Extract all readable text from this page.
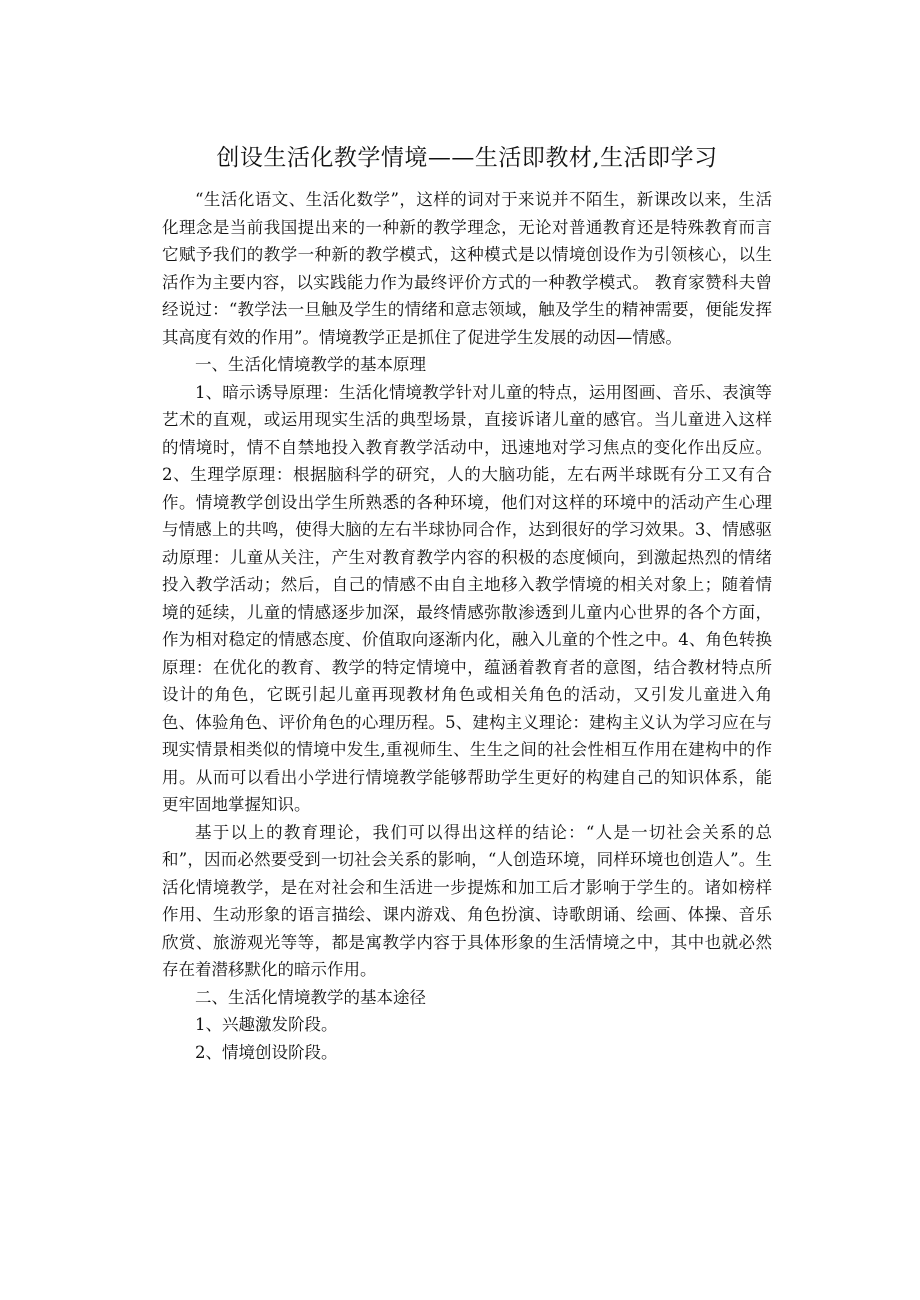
创设生活化教学情境——生活即教材,生活即学习

“生活化语文、生活化数学”，这样的词对于来说并不陌生，新课改以来，生活化理念是当前我国提出来的一种新的教学理念，无论对普通教育还是特殊教育而言它赋予我们的教学一种新的教学模式，这种模式是以情境创设作为引领核心，以生活作为主要内容，以实践能力作为最终评价方式的一种教学模式。 教育家赞科夫曾经说过：“教学法一旦触及学生的情绪和意志领域，触及学生的精神需要，便能发挥其高度有效的作用”。情境教学正是抓住了促进学生发展的动因—情感。

一、生活化情境教学的基本原理

1、暗示诱导原理：生活化情境教学针对儿童的特点，运用图画、音乐、表演等艺术的直观，或运用现实生活的典型场景，直接诉诸儿童的感官。当儿童进入这样的情境时，情不自禁地投入教育教学活动中，迅速地对学习焦点的变化作出反应。2、生理学原理：根据脑科学的研究，人的大脑功能，左右两半球既有分工又有合作。情境教学创设出学生所熟悉的各种环境，他们对这样的环境中的活动产生心理与情感上的共鸣，使得大脑的左右半球协同合作，达到很好的学习效果。3、情感驱动原理：儿童从关注，产生对教育教学内容的积极的态度倾向，到激起热烈的情绪投入教学活动；然后，自己的情感不由自主地移入教学情境的相关对象上；随着情境的延续，儿童的情感逐步加深，最终情感弥散渗透到儿童内心世界的各个方面，作为相对稳定的情感态度、价值取向逐渐内化，融入儿童的个性之中。4、角色转换原理：在优化的教育、教学的特定情境中，蕴涵着教育者的意图，结合教材特点所设计的角色，它既引起儿童再现教材角色或相关角色的活动，又引发儿童进入角色、体验角色、评价角色的心理历程。5、建构主义理论：建构主义认为学习应在与现实情景相类似的情境中发生,重视师生、生生之间的社会性相互作用在建构中的作用。从而可以看出小学进行情境教学能够帮助学生更好的构建自己的知识体系，能更牢固地掌握知识。

基于以上的教育理论，我们可以得出这样的结论：“人是一切社会关系的总和”，因而必然要受到一切社会关系的影响，“人创造环境，同样环境也创造人”。生活化情境教学，是在对社会和生活进一步提炼和加工后才影响于学生的。诸如榜样作用、生动形象的语言描绘、课内游戏、角色扮演、诗歌朗诵、绘画、体操、音乐欣赏、旅游观光等等，都是寓教学内容于具体形象的生活情境之中，其中也就必然存在着潜移默化的暗示作用。

二、生活化情境教学的基本途径

1、兴趣激发阶段。

2、情境创设阶段。
